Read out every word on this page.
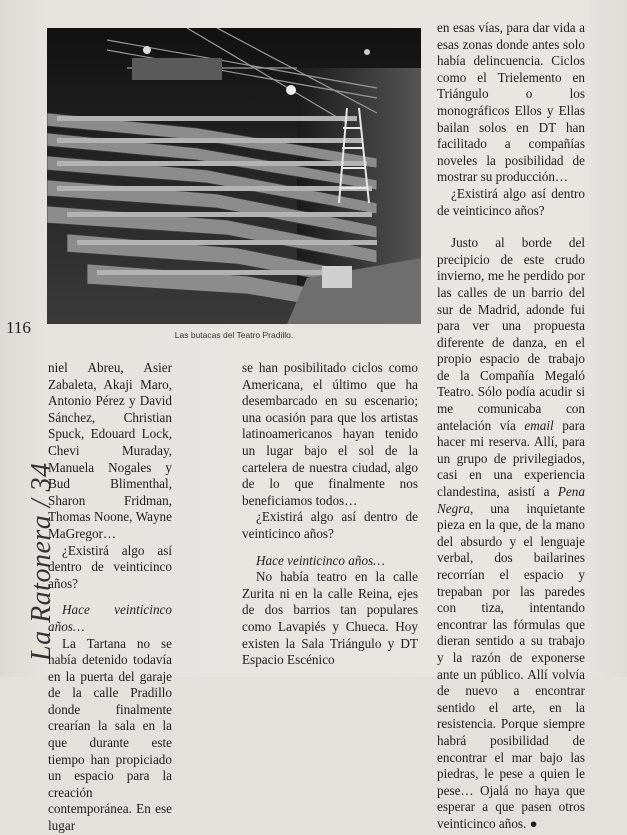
Las butacas del Teatro Pradillo.
116
La Ratonera / 34

niel Abreu, Asier Zabaleta, Akaji Maro, Antonio Pérez y David Sánchez, Christian Spuck, Edouard Lock, Chevi Muraday, Manuela Nogales y Bud Blimenthal, Sharon Fridman, Thomas Noone, Wayne MaGregor…

¿Existirá algo así dentro de veinticinco años?

Hace veinticinco años…

La Tartana no se había detenido todavía en la puerta del garaje de la calle Pradillo donde finalmente crearían la sala en la que durante este tiempo han propiciado un espacio para la creación contemporánea. En ese lugar

se han posibilitado ciclos como Americana, el último que ha desembarcado en su escenario; una ocasión para que los artistas latinoamericanos hayan tenido un lugar bajo el sol de la cartelera de nuestra ciudad, algo de lo que finalmente nos beneficiamos todos…

¿Existirá algo así dentro de veinticinco años?

Hace veinticinco años…

No había teatro en la calle Zurita ni en la calle Reina, ejes de dos barrios tan populares como Lavapiés y Chueca. Hoy existen la Sala Triángulo y DT Espacio Escénico

en esas vías, para dar vida a esas zonas donde antes solo había delincuencia. Ciclos como el Trielemento en Triángulo o los monográficos Ellos y Ellas bailan solos en DT han facilitado a compañías noveles la posibilidad de mostrar su producción…

¿Existirá algo así dentro de veinticinco años?

Justo al borde del precipicio de este crudo invierno, me he perdido por las calles de un barrio del sur de Madrid, adonde fui para ver una propuesta diferente de danza, en el propio espacio de trabajo de la Compañía Megaló Teatro. Sólo podía acudir si me comunicaba con antelación vía email para hacer mi reserva. Allí, para un grupo de privilegiados, casi en una experiencia clandestina, asistí a Pena Negra, una inquietante pieza en la que, de la mano del absurdo y el lenguaje verbal, dos bailarines recorrían el espacio y trepaban por las paredes con tiza, intentando encontrar las fórmulas que dieran sentido a su trabajo y la razón de exponerse ante un público. Allí volvía de nuevo a encontrar sentido el arte, en la resistencia. Porque siempre habrá posibilidad de encontrar el mar bajo las piedras, le pese a quien le pese… Ojalá no haya que esperar a que pasen otros veinticinco años. ●
